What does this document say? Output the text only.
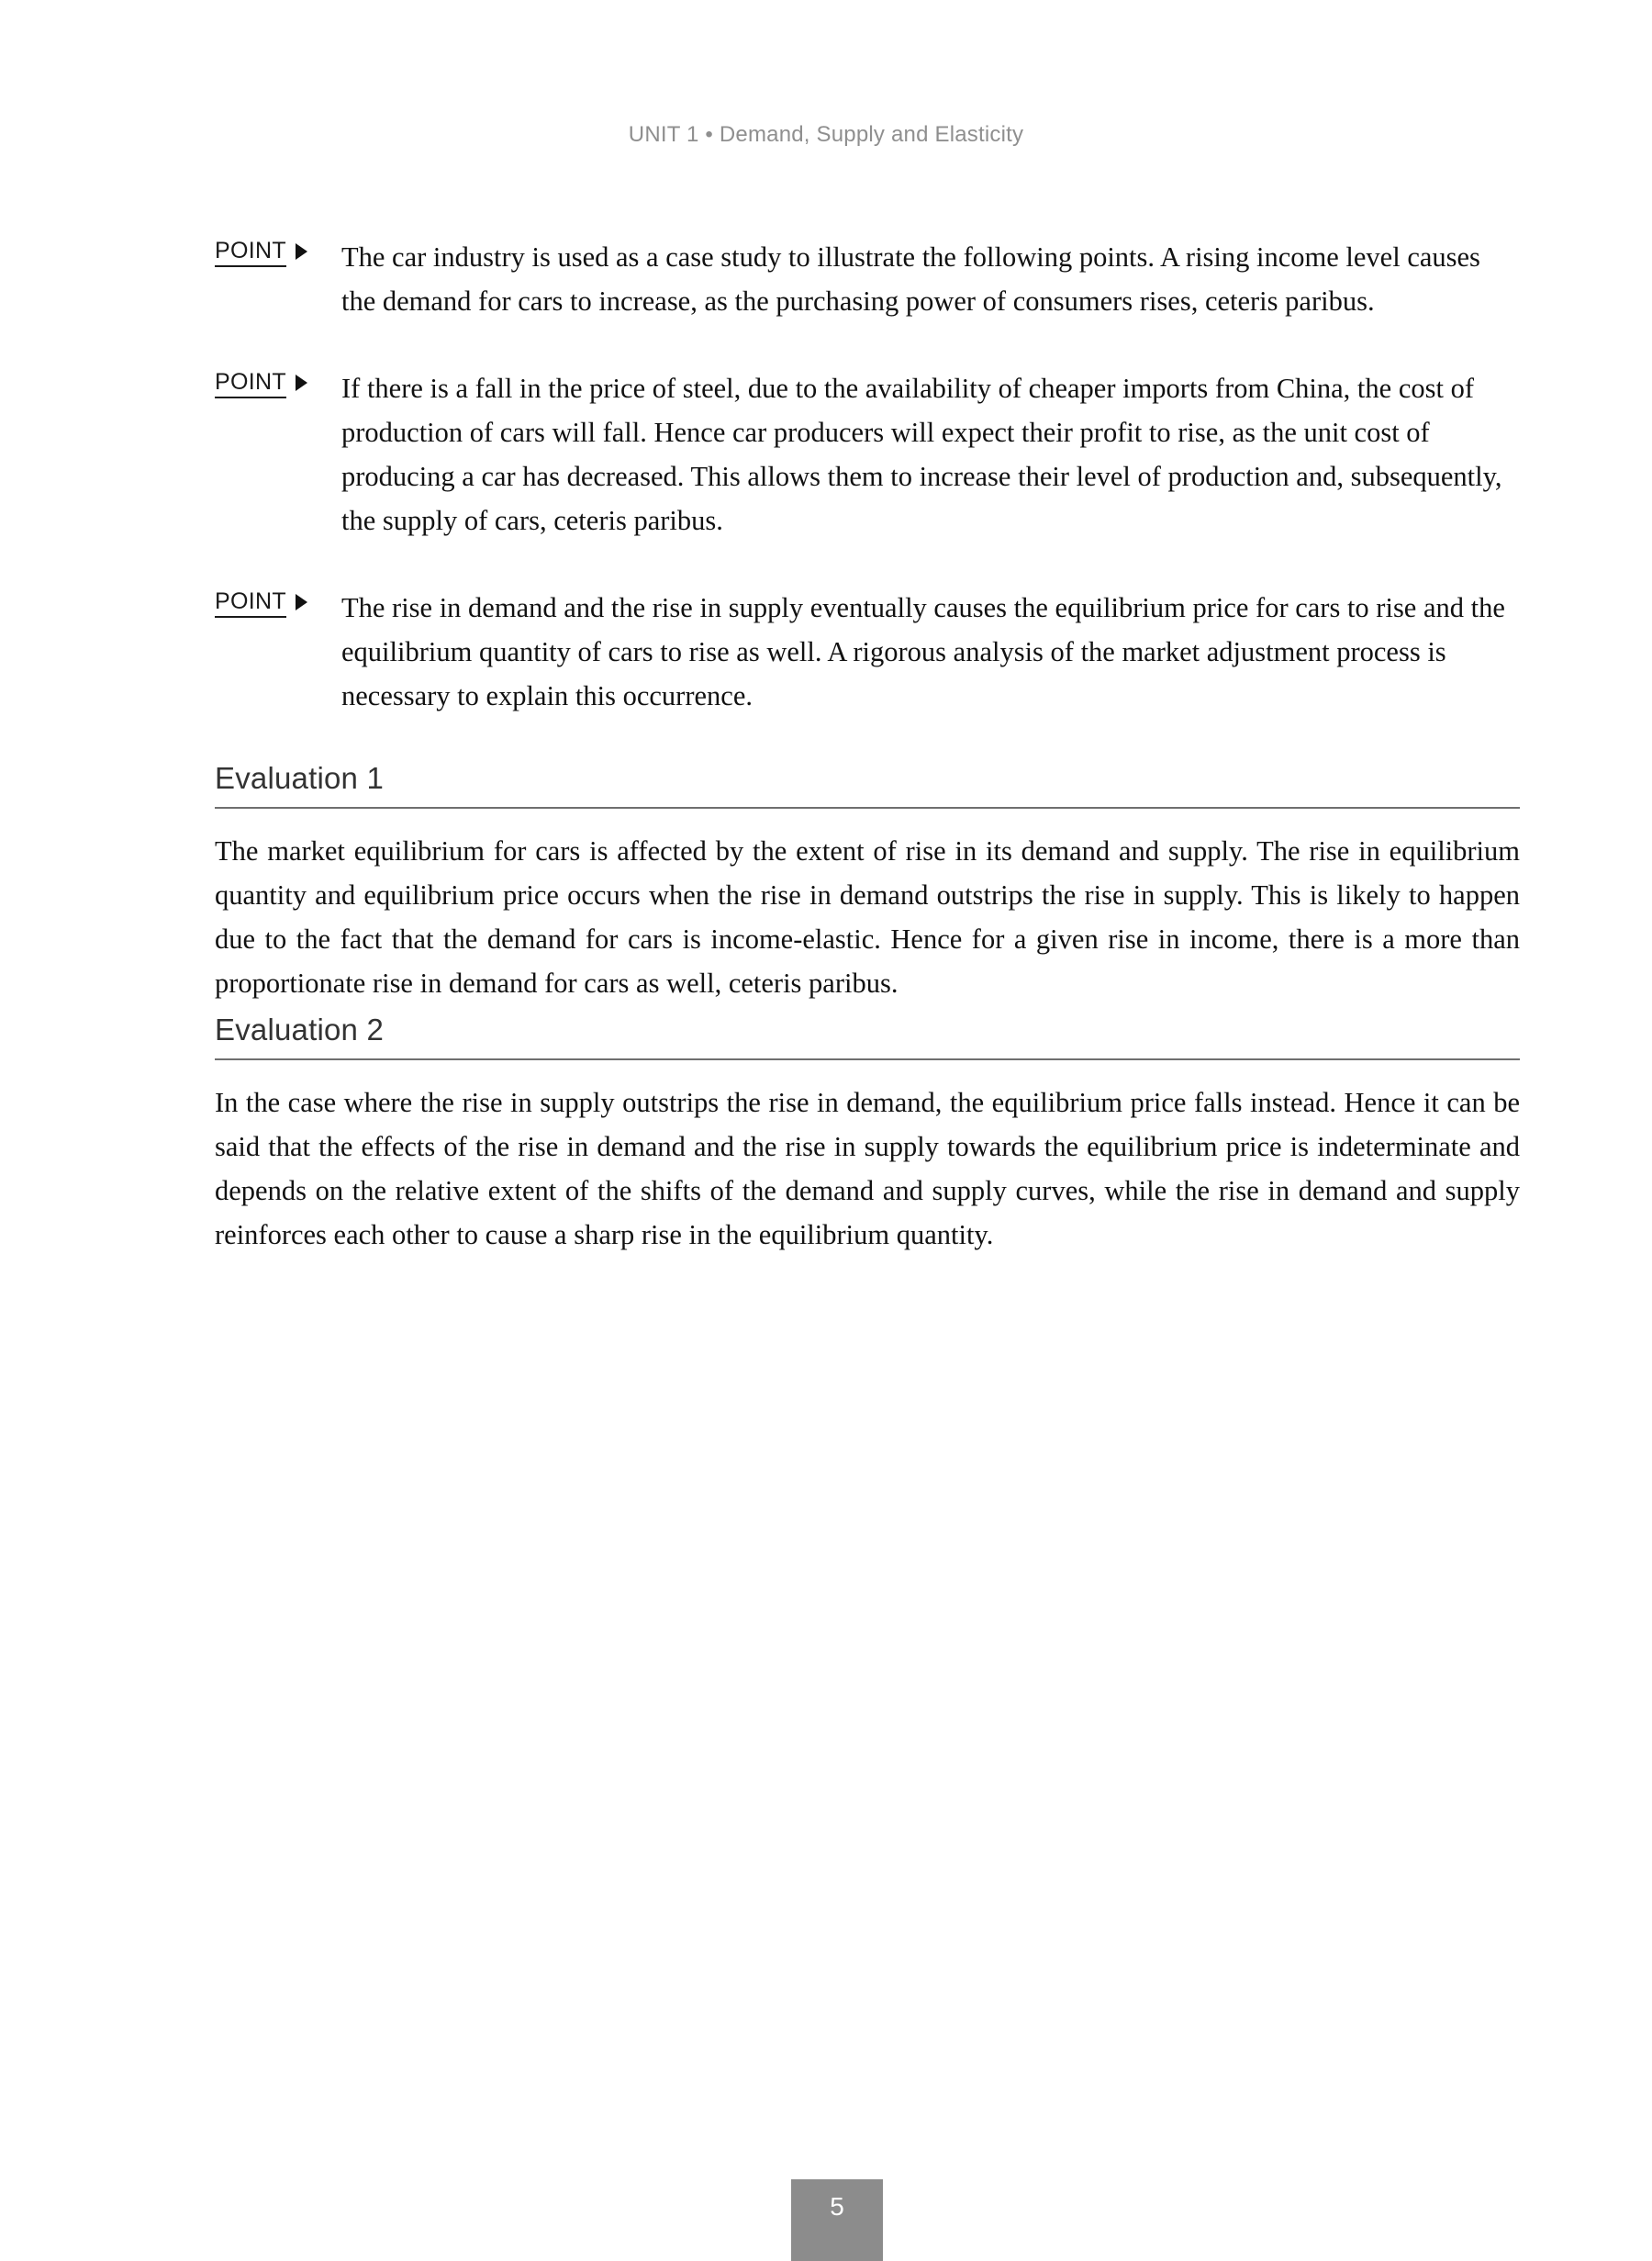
UNIT 1 • Demand, Supply and Elasticity
POINT The car industry is used as a case study to illustrate the following points. A rising income level causes the demand for cars to increase, as the purchasing power of consumers rises, ceteris paribus.
POINT If there is a fall in the price of steel, due to the availability of cheaper imports from China, the cost of production of cars will fall. Hence car producers will expect their profit to rise, as the unit cost of producing a car has decreased. This allows them to increase their level of production and, subsequently, the supply of cars, ceteris paribus.
POINT The rise in demand and the rise in supply eventually causes the equilibrium price for cars to rise and the equilibrium quantity of cars to rise as well. A rigorous analysis of the market adjustment process is necessary to explain this occurrence.
Evaluation 1
The market equilibrium for cars is affected by the extent of rise in its demand and supply. The rise in equilibrium quantity and equilibrium price occurs when the rise in demand outstrips the rise in supply. This is likely to happen due to the fact that the demand for cars is income-elastic. Hence for a given rise in income, there is a more than proportionate rise in demand for cars as well, ceteris paribus.
Evaluation 2
In the case where the rise in supply outstrips the rise in demand, the equilibrium price falls instead. Hence it can be said that the effects of the rise in demand and the rise in supply towards the equilibrium price is indeterminate and depends on the relative extent of the shifts of the demand and supply curves, while the rise in demand and supply reinforces each other to cause a sharp rise in the equilibrium quantity.
5
